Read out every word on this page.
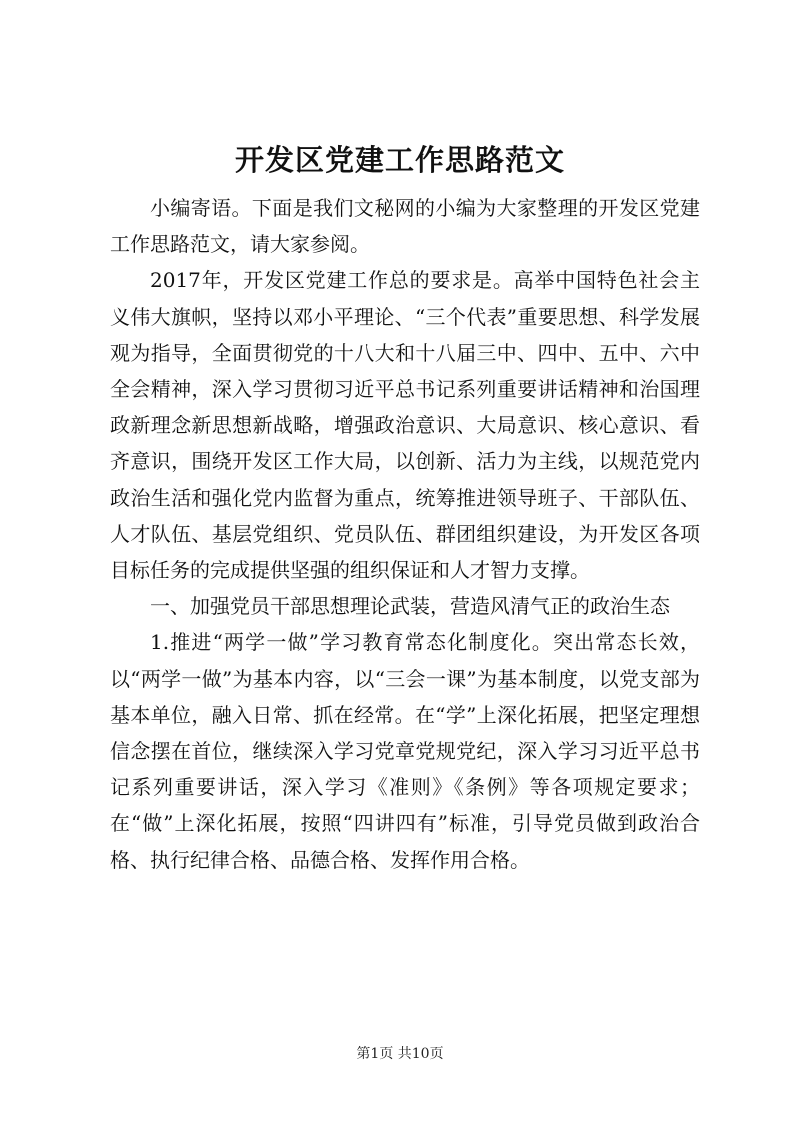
开发区党建工作思路范文

小编寄语。下面是我们文秘网的小编为大家整理的开发区党建工作思路范文，请大家参阅。

2017年，开发区党建工作总的要求是。高举中国特色社会主义伟大旗帜，坚持以邓小平理论、“三个代表”重要思想、科学发展观为指导，全面贯彻党的十八大和十八届三中、四中、五中、六中全会精神，深入学习贯彻习近平总书记系列重要讲话精神和治国理政新理念新思想新战略，增强政治意识、大局意识、核心意识、看齐意识，围绕开发区工作大局，以创新、活力为主线，以规范党内政治生活和强化党内监督为重点，统筹推进领导班子、干部队伍、人才队伍、基层党组织、党员队伍、群团组织建设，为开发区各项目标任务的完成提供坚强的组织保证和人才智力支撑。

一、加强党员干部思想理论武装，营造风清气正的政治生态

1.推进“两学一做”学习教育常态化制度化。突出常态长效，以“两学一做”为基本内容，以“三会一课”为基本制度，以党支部为基本单位，融入日常、抓在经常。在“学”上深化拓展，把坚定理想信念摆在首位，继续深入学习党章党规党纪，深入学习习近平总书记系列重要讲话，深入学习《准则》《条例》等各项规定要求；在“做”上深化拓展，按照“四讲四有”标准，引导党员做到政治合格、执行纪律合格、品德合格、发挥作用合格。

第1页 共10页
